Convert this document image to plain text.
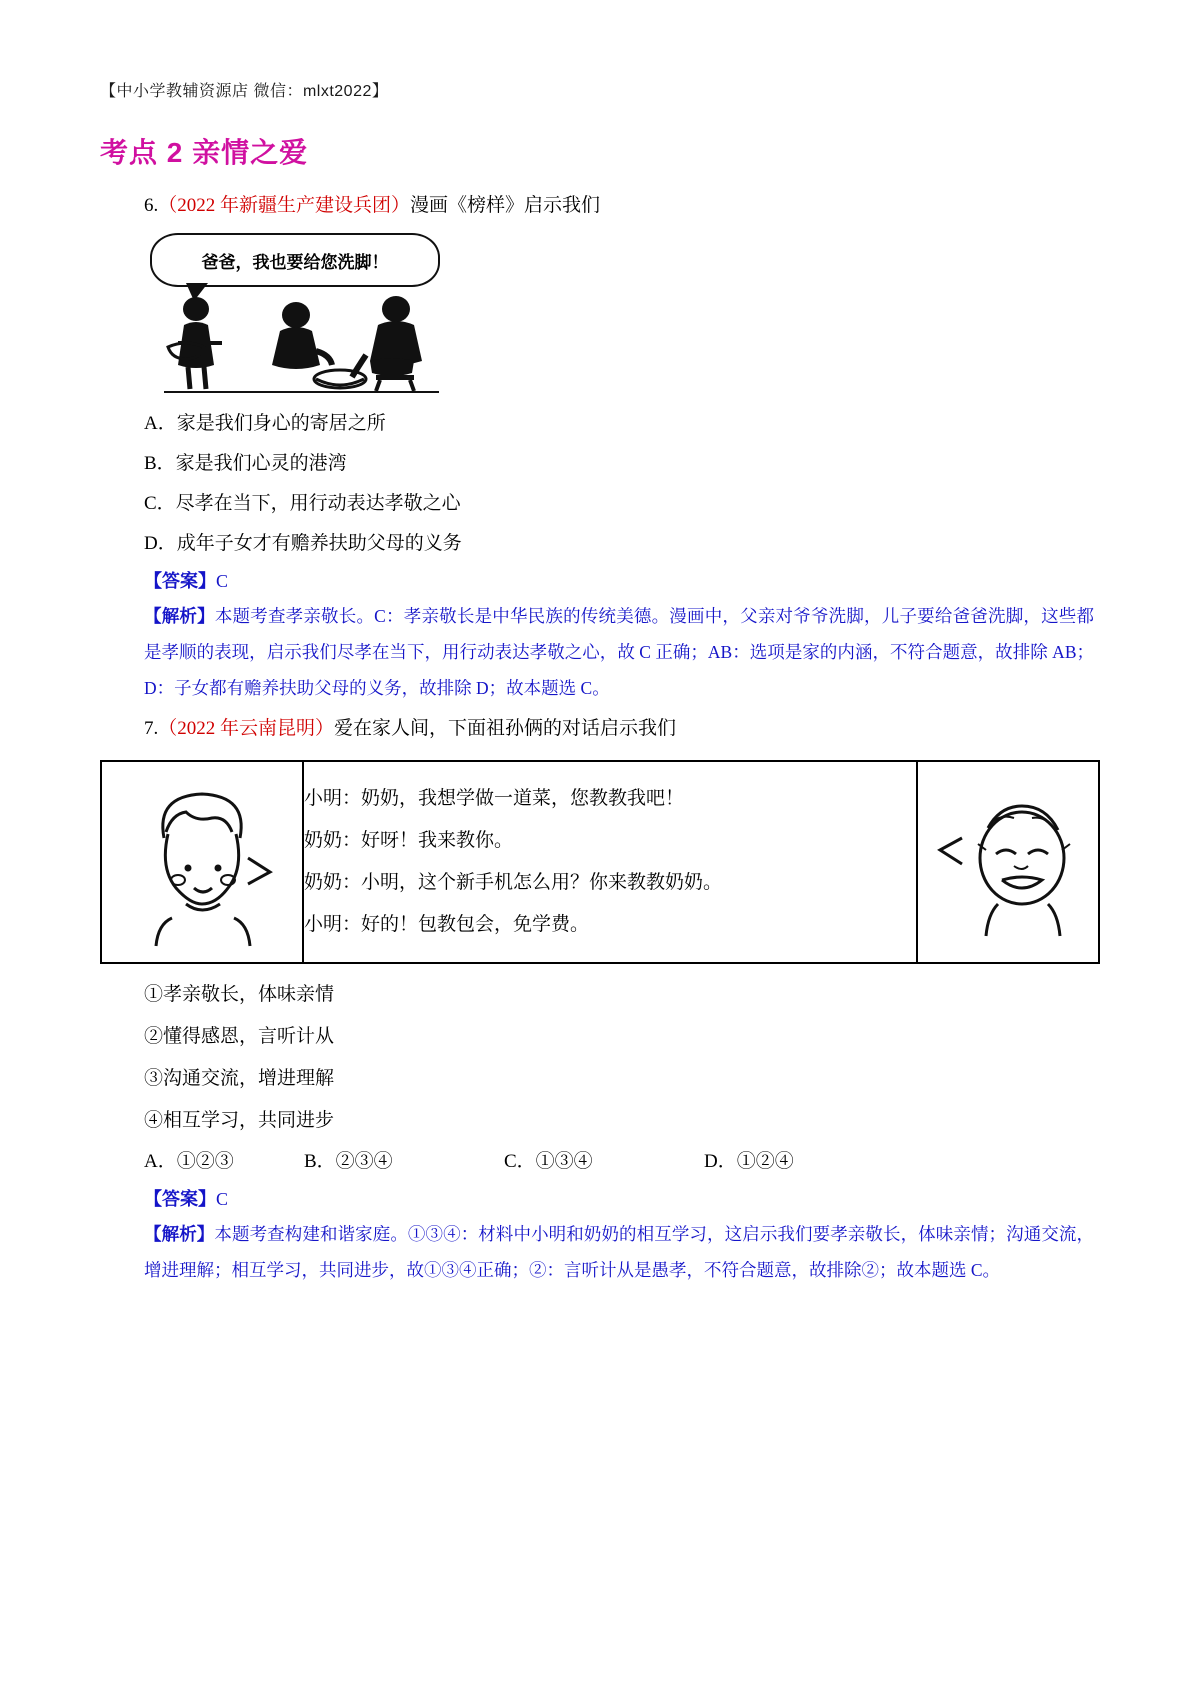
【中小学教辅资源店 微信：mlxt2022】
考点 2 亲情之爱
6.（2022 年新疆生产建设兵团）漫画《榜样》启示我们
爸爸，我也要给您洗脚！
A．家是我们身心的寄居之所
B．家是我们心灵的港湾
C．尽孝在当下，用行动表达孝敬之心
D．成年子女才有赡养扶助父母的义务
【答案】C
【解析】本题考查孝亲敬长。C：孝亲敬长是中华民族的传统美德。漫画中，父亲对爷爷洗脚，儿子要给爸爸洗脚，这些都是孝顺的表现，启示我们尽孝在当下，用行动表达孝敬之心，故 C 正确；AB：选项是家的内涵，不符合题意，故排除 AB；D：子女都有赡养扶助父母的义务，故排除 D；故本题选 C。
7.（2022 年云南昆明）爱在家人间，下面祖孙俩的对话启示我们

小明：奶奶，我想学做一道菜，您教教我吧！
奶奶：好呀！我来教你。
奶奶：小明，这个新手机怎么用？你来教教奶奶。
小明：好的！包教包会，免学费。

①孝亲敬长，体味亲情
②懂得感恩，言听计从
③沟通交流，增进理解
④相互学习，共同进步
A．①②③	B．②③④	C．①③④	D．①②④
【答案】C
【解析】本题考查构建和谐家庭。①③④：材料中小明和奶奶的相互学习，这启示我们要孝亲敬长，体味亲情；沟通交流，增进理解；相互学习，共同进步，故①③④正确；②：言听计从是愚孝，不符合题意，故排除②；故本题选 C。
